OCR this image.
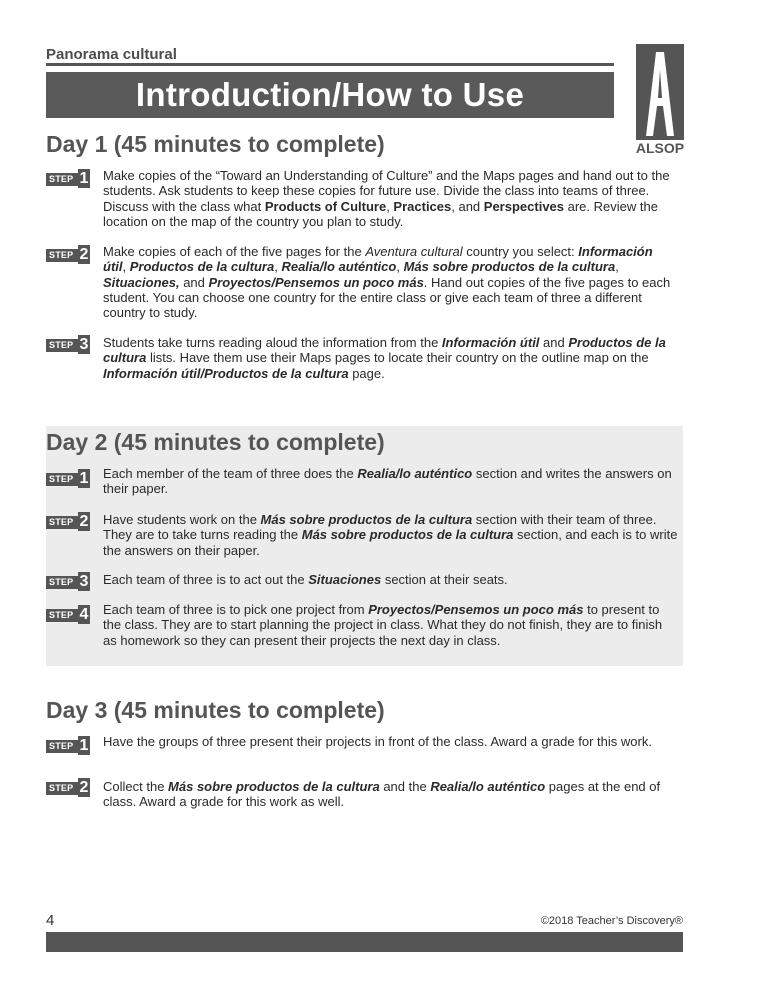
Panorama cultural
Introduction/How to Use
ALSOP
Day 1 (45 minutes to complete)
Day 2 (45 minutes to complete)
Day 3 (45 minutes to complete)
STEP 1 Make copies of the “Toward an Understanding of Culture” and the Maps pages and hand out to the students. Ask students to keep these copies for future use. Divide the class into teams of three. Discuss with the class what Products of Culture, Practices, and Perspectives are. Review the location on the map of the country you plan to study.
STEP 2 Make copies of each of the five pages for the Aventura cultural country you select: Información útil, Productos de la cultura, Realia/lo auténtico, Más sobre productos de la cultura, Situaciones, and Proyectos/Pensemos un poco más. Hand out copies of the five pages to each student. You can choose one country for the entire class or give each team of three a different country to study.
STEP 3 Students take turns reading aloud the information from the Información útil and Productos de la cultura lists. Have them use their Maps pages to locate their country on the outline map on the Información útil/Productos de la cultura page.
STEP 1 Each member of the team of three does the Realia/lo auténtico section and writes the answers on their paper.
STEP 2 Have students work on the Más sobre productos de la cultura section with their team of three. They are to take turns reading the Más sobre productos de la cultura section, and each is to write the answers on their paper.
STEP 3 Each team of three is to act out the Situaciones section at their seats.
STEP 4 Each team of three is to pick one project from Proyectos/Pensemos un poco más to present to the class. They are to start planning the project in class. What they do not finish, they are to finish as homework so they can present their projects the next day in class.
STEP 1 Have the groups of three present their projects in front of the class. Award a grade for this work.
STEP 2 Collect the Más sobre productos de la cultura and the Realia/lo auténtico pages at the end of class. Award a grade for this work as well.
4	©2018 Teacher’s Discovery®
